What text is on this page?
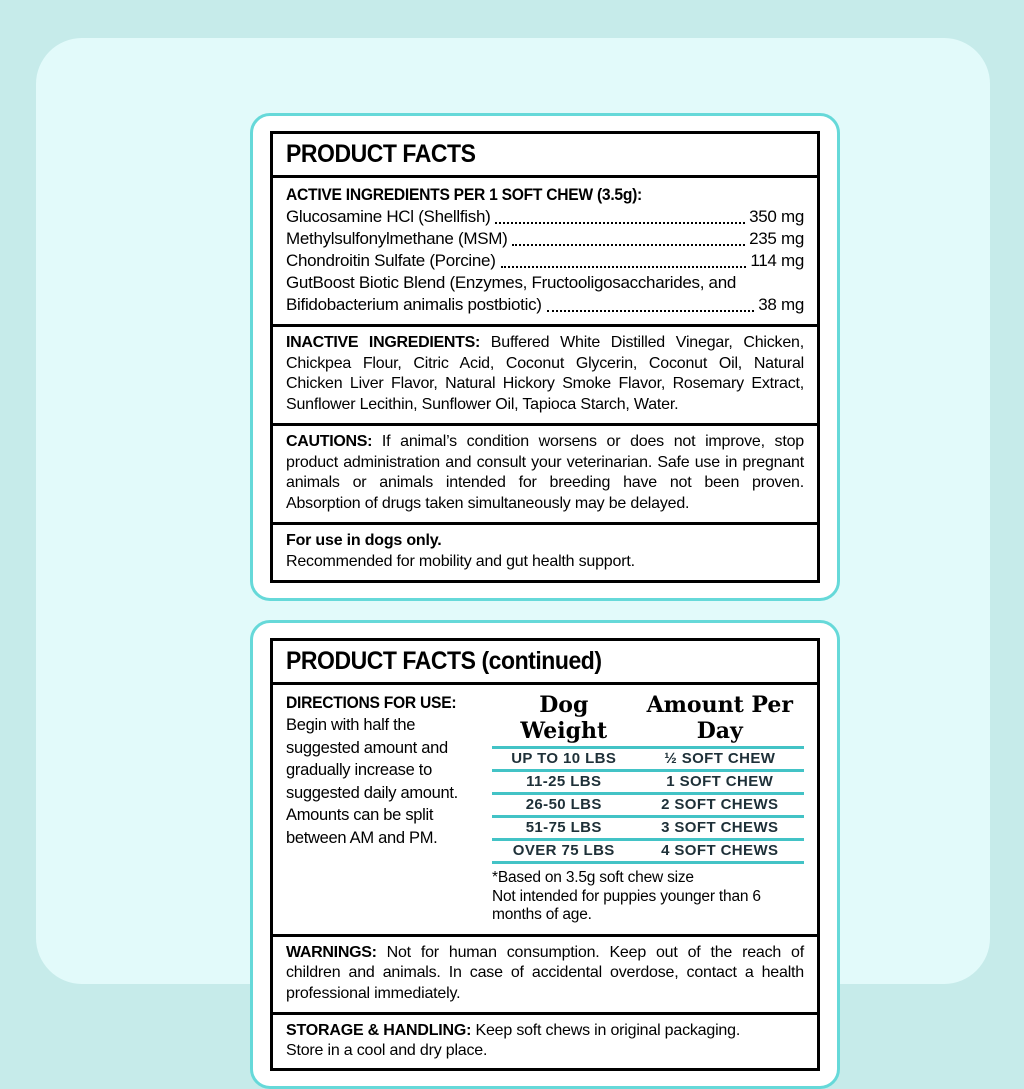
PRODUCT FACTS
ACTIVE INGREDIENTS PER 1 SOFT CHEW (3.5g):
Glucosamine HCl (Shellfish)	350 mg
Methylsulfonylmethane (MSM)	235 mg
Chondroitin Sulfate (Porcine)	114 mg
GutBoost Biotic Blend (Enzymes, Fructooligosaccharides, and
Bifidobacterium animalis postbiotic)	38 mg

INACTIVE INGREDIENTS: Buffered White Distilled Vinegar, Chicken, Chickpea Flour, Citric Acid, Coconut Glycerin, Coconut Oil, Natural Chicken Liver Flavor, Natural Hickory Smoke Flavor, Rosemary Extract, Sunflower Lecithin, Sunflower Oil, Tapioca Starch, Water.

CAUTIONS: If animal’s condition worsens or does not improve, stop product administration and consult your veterinarian. Safe use in pregnant animals or animals intended for breeding have not been proven. Absorption of drugs taken simultaneously may be delayed.

For use in dogs only.

Recommended for mobility and gut health support.

PRODUCT FACTS (continued)
DIRECTIONS FOR USE:

Begin with half the suggested amount and gradually increase to suggested daily amount. Amounts can be split between AM and PM.

Dog Weight
Amount Per Day
UP TO 10 LBS	½ SOFT CHEW
11-25 LBS	1 SOFT CHEW
26-50 LBS	2 SOFT CHEWS
51-75 LBS	3 SOFT CHEWS
OVER 75 LBS	4 SOFT CHEWS

*Based on 3.5g soft chew size

Not intended for puppies younger than 6 months of age.

WARNINGS: Not for human consumption. Keep out of the reach of children and animals. In case of accidental overdose, contact a health professional immediately.

STORAGE & HANDLING: Keep soft chews in original packaging.

Store in a cool and dry place.
